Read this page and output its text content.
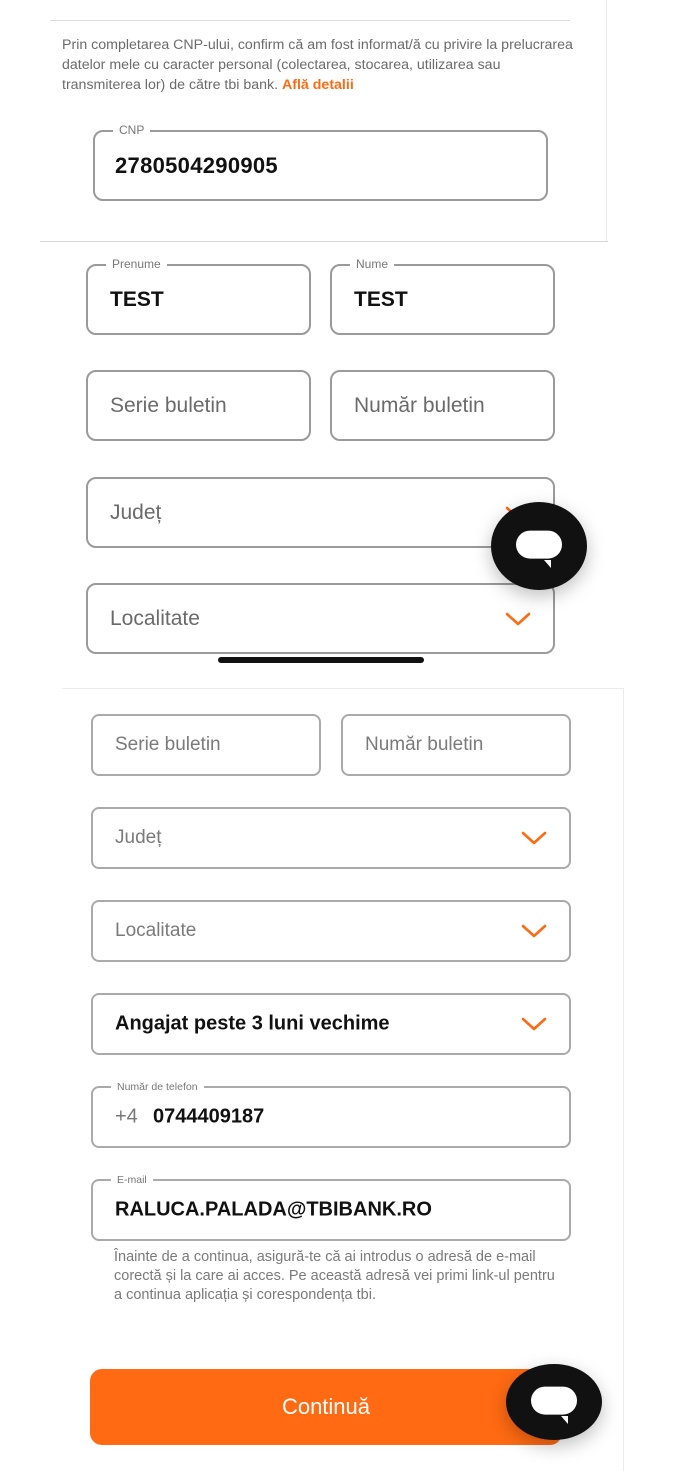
Prin completarea CNP-ului, confirm că am fost informat/ă cu privire la prelucrarea datelor mele cu caracter personal (colectarea, stocarea, utilizarea sau transmiterea lor) de către tbi bank. Află detalii
CNP
2780504290905
Prenume
TEST
Nume
TEST
Serie buletin	Număr buletin
Județ
Localitate
Serie buletin	Număr buletin
Județ
Localitate
Angajat peste 3 luni vechime
Număr de telefon
+4 0744409187
E-mail
RALUCA.PALADA@TBIBANK.RO
Înainte de a continua, asigură-te că ai introdus o adresă de e-mail corectă și la care ai acces. Pe această adresă vei primi link-ul pentru a continua aplicația și corespondența tbi.
Continuă
